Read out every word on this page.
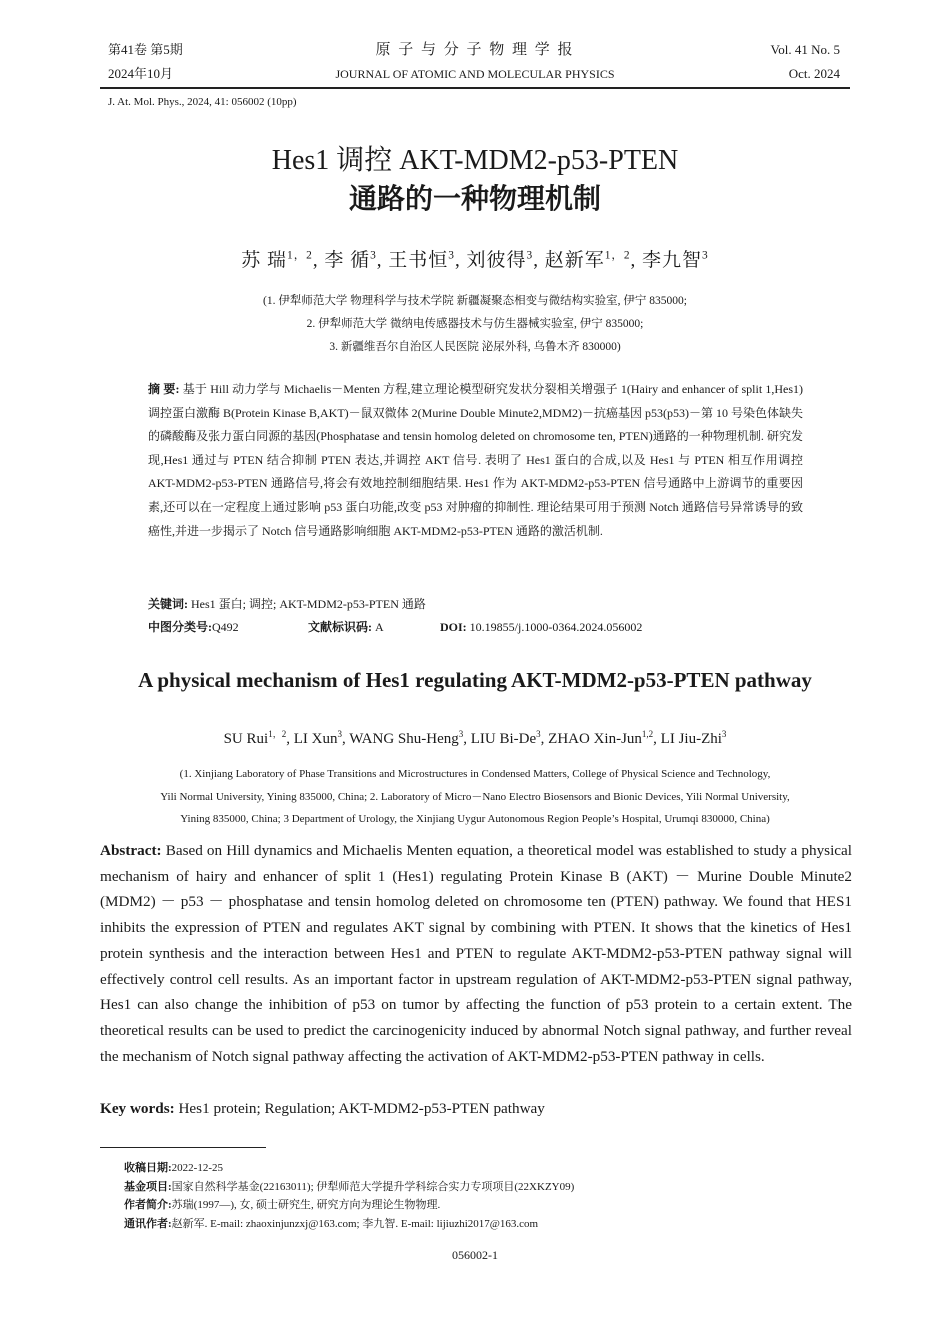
第41卷 第5期
2024年10月
原 子 与 分 子 物 理 学 报
JOURNAL OF ATOMIC AND MOLECULAR PHYSICS
Vol. 41 No. 5
Oct. 2024
J. At. Mol. Phys., 2024, 41: 056002 (10pp)
Hes1 调控 AKT-MDM2-p53-PTEN
通路的一种物理机制
苏 瑞$^{1,2}$, 李 循$^3$, 王书恒$^3$, 刘彼得$^3$, 赵新军$^{1,2}$, 李九智$^3$
(1. 伊犁师范大学 物理科学与技术学院 新疆凝聚态相变与微结构实验室, 伊宁 835000;
2. 伊犁师范大学 微纳电传感器技术与仿生器械实验室, 伊宁 835000;
3. 新疆维吾尔自治区人民医院 泌尿外科, 乌鲁木齐 830000)
摘 要: 基于 Hill 动力学与 Michaelis－Menten 方程,建立理论模型研究发状分裂相关增强子 1(Hairy and enhancer of split 1,Hes1)调控蛋白激酶 B(Protein Kinase B,AKT)－鼠双微体 2(Murine Double Minute2,MDM2)－抗癌基因 p53(p53)－第 10 号染色体缺失的磷酸酶及张力蛋白同源的基因(Phosphatase and tensin homolog deleted on chromosome ten, PTEN)通路的一种物理机制. 研究发现,Hes1 通过与 PTEN 结合抑制 PTEN 表达,并调控 AKT 信号. 表明了 Hes1 蛋白的合成,以及 Hes1 与 PTEN 相互作用调控 AKT-MDM2-p53-PTEN 通路信号,将会有效地控制细胞结果. Hes1 作为 AKT-MDM2-p53-PTEN 信号通路中上游调节的重要因素,还可以在一定程度上通过影响 p53 蛋白功能,改变 p53 对肿瘤的抑制性. 理论结果可用于预测 Notch 通路信号异常诱导的致癌性,并进一步揭示了 Notch 信号通路影响细胞 AKT-MDM2-p53-PTEN 通路的激活机制.
关键词: Hes1 蛋白; 调控; AKT-MDM2-p53-PTEN 通路
中图分类号:Q492	文献标识码: A	DOI: 10.19855/j.1000-0364.2024.056002
A physical mechanism of Hes1 regulating AKT-MDM2-p53-PTEN pathway
SU Rui$^{1,2}$, LI Xun$^3$, WANG Shu-Heng$^3$, LIU Bi-De$^3$, ZHAO Xin-Jun$^{1,2}$, LI Jiu-Zhi$^3$
(1. Xinjiang Laboratory of Phase Transitions and Microstructures in Condensed Matters, College of Physical Science and Technology,
Yili Normal University, Yining 835000, China; 2. Laboratory of Micro－Nano Electro Biosensors and Bionic Devices, Yili Normal University,
Yining 835000, China; 3 Department of Urology, the Xinjiang Uygur Autonomous Region People’s Hospital, Urumqi 830000, China)
Abstract: Based on Hill dynamics and Michaelis Menten equation, a theoretical model was established to study a physical mechanism of hairy and enhancer of split 1 (Hes1) regulating Protein Kinase B (AKT) － Murine Double Minute2 (MDM2) － p53 － phosphatase and tensin homolog deleted on chromosome ten (PTEN) pathway. We found that HES1 inhibits the expression of PTEN and regulates AKT signal by combining with PTEN. It shows that the kinetics of Hes1 protein synthesis and the interaction between Hes1 and PTEN to regulate AKT-MDM2-p53-PTEN pathway signal will effectively control cell results. As an important factor in upstream regulation of AKT-MDM2-p53-PTEN signal pathway, Hes1 can also change the inhibition of p53 on tumor by affecting the function of p53 protein to a certain extent. The theoretical results can be used to predict the carcinogenicity induced by abnormal Notch signal pathway, and further reveal the mechanism of Notch signal pathway affecting the activation of AKT-MDM2-p53-PTEN pathway in cells.
Key words: Hes1 protein; Regulation; AKT-MDM2-p53-PTEN pathway
收稿日期:2022-12-25
基金项目:国家自然科学基金(22163011); 伊犁师范大学提升学科综合实力专项项目(22XKZY09)
作者简介:苏瑞(1997—), 女, 硕士研究生, 研究方向为理论生物物理.
通讯作者:赵新军. E-mail: zhaoxinjunzxj@163.com; 李九智. E-mail: lijiuzhi2017@163.com
056002-1
